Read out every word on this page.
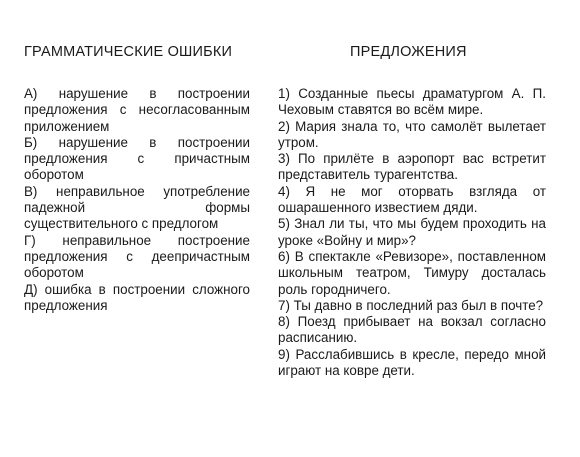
ГРАММАТИЧЕСКИЕ ОШИБКИ
А) нарушение в построении предложения с несогласованным приложением
Б) нарушение в построении предложения с причастным оборотом
В) неправильное употребление падежной формы существительного с предлогом
Г) неправильное построение предложения с деепричастным оборотом
Д) ошибка в построении сложного предложения
ПРЕДЛОЖЕНИЯ
1) Созданные пьесы драматургом А. П. Чеховым ставятся во всём мире.
2) Мария знала то, что самолёт вылетает утром.
3) По прилёте в аэропорт вас встретит представитель турагентства.
4) Я не мог оторвать взгляда от ошарашенного известием дяди.
5) Знал ли ты, что мы будем проходить на уроке «Войну и мир»?
6) В спектакле «Ревизоре», поставленном школьным театром, Тимуру досталась роль городничего.
7) Ты давно в последний раз был в почте?
8) Поезд прибывает на вокзал согласно расписанию.
9) Расслабившись в кресле, передо мной играют на ковре дети.
